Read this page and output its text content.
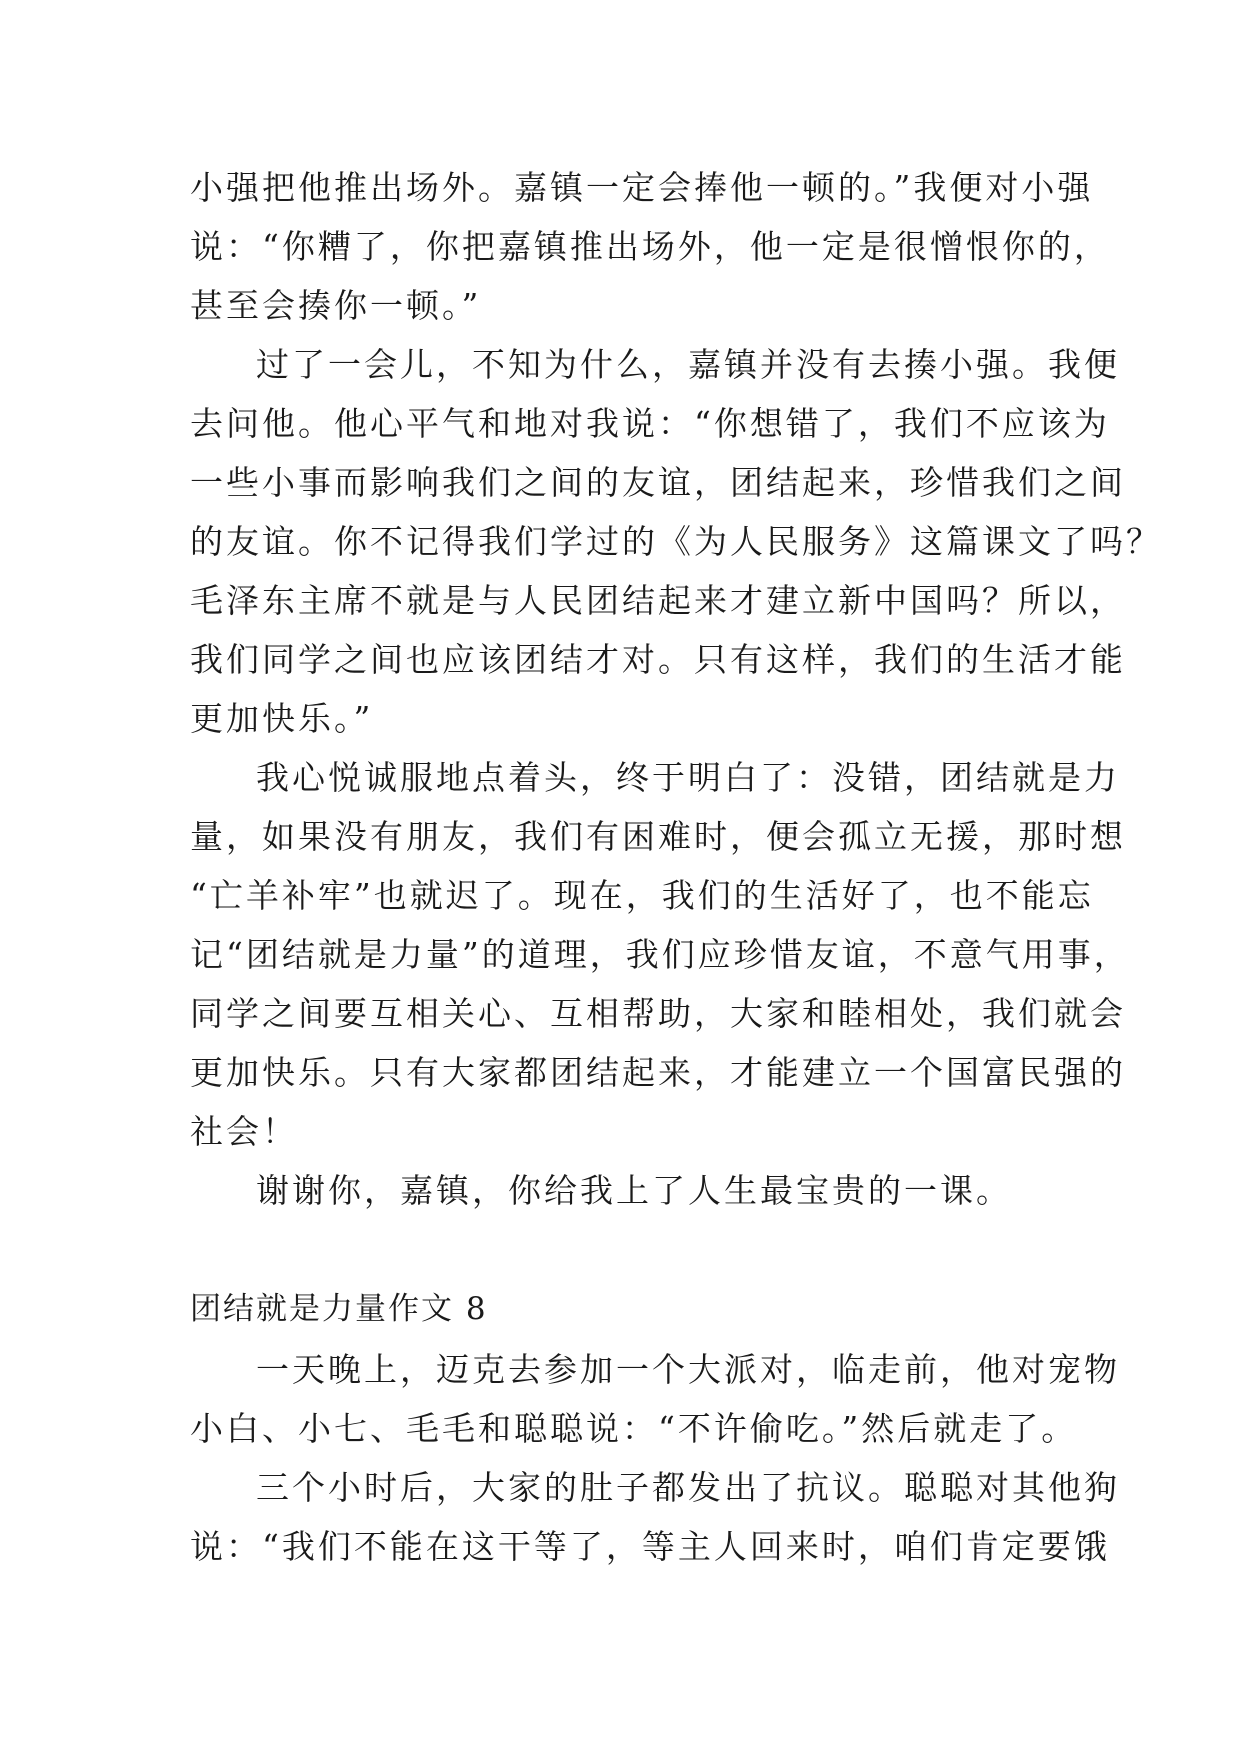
小强把他推出场外。嘉镇一定会捧他一顿的。”我便对小强
说：“你糟了，你把嘉镇推出场外，他一定是很憎恨你的，
甚至会揍你一顿。”
过了一会儿，不知为什么，嘉镇并没有去揍小强。我便
去问他。他心平气和地对我说：“你想错了，我们不应该为
一些小事而影响我们之间的友谊，团结起来，珍惜我们之间
的友谊。你不记得我们学过的《为人民服务》这篇课文了吗？
毛泽东主席不就是与人民团结起来才建立新中国吗？所以，
我们同学之间也应该团结才对。只有这样，我们的生活才能
更加快乐。”
我心悦诚服地点着头，终于明白了：没错，团结就是力
量，如果没有朋友，我们有困难时，便会孤立无援，那时想
“亡羊补牢”也就迟了。现在，我们的生活好了，也不能忘
记“团结就是力量”的道理，我们应珍惜友谊，不意气用事，
同学之间要互相关心、互相帮助，大家和睦相处，我们就会
更加快乐。只有大家都团结起来，才能建立一个国富民强的
社会！
谢谢你，嘉镇，你给我上了人生最宝贵的一课。
团结就是力量作文 8
一天晚上，迈克去参加一个大派对，临走前，他对宠物
小白、小七、毛毛和聪聪说：“不许偷吃。”然后就走了。
三个小时后，大家的肚子都发出了抗议。聪聪对其他狗
说：“我们不能在这干等了，等主人回来时，咱们肯定要饿
